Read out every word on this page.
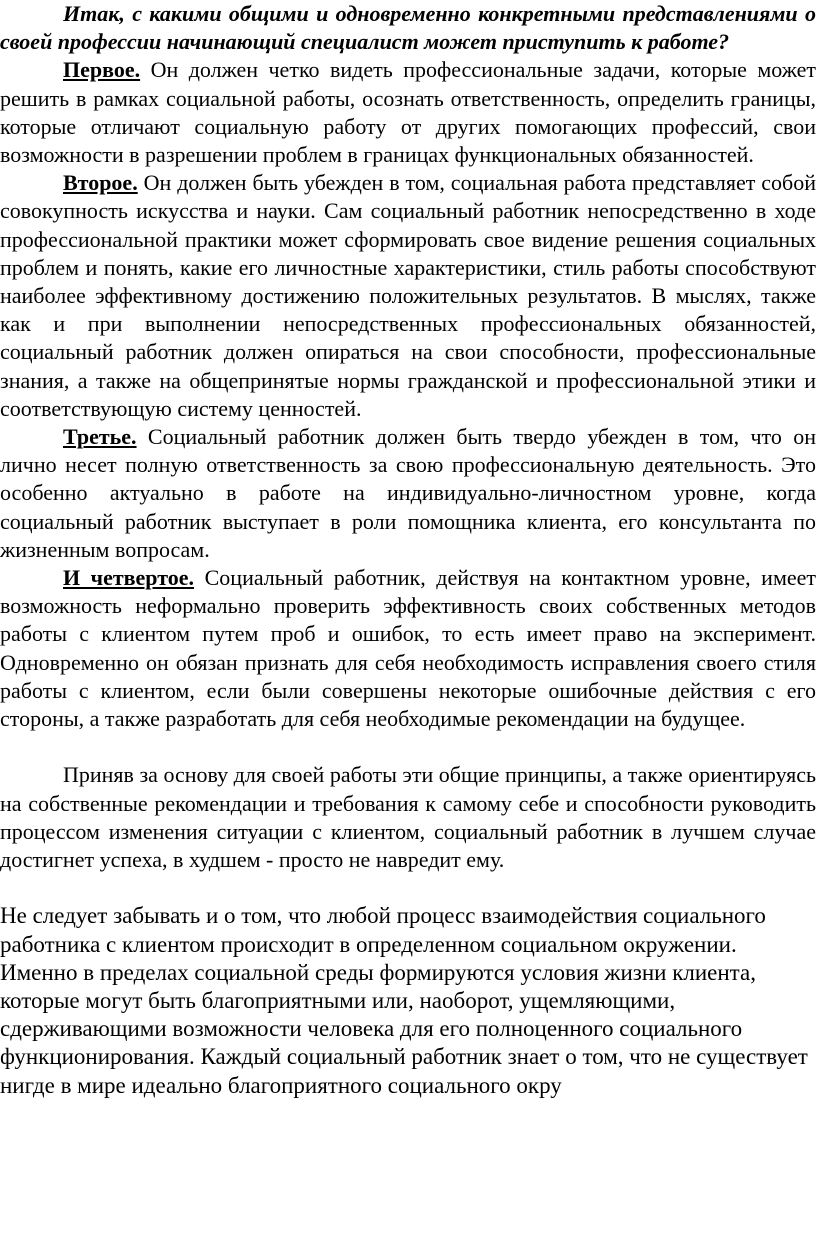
Итак, с какими общими и одновременно конкретными представлениями о своей профессии начинающий специалист может приступить к работе?

Первое. Он должен четко видеть профессиональные задачи, которые может решить в рамках социальной работы, осознать ответственность, определить границы, которые отличают социальную работу от других помогающих профессий, свои возможности в разрешении проблем в границах функциональных обязанностей.

Второе. Он должен быть убежден в том, социальная работа представляет собой совокупность искусства и науки. Сам социальный работник непосредственно в ходе профессиональной практики может сформировать свое видение решения социальных проблем и понять, какие его личностные характеристики, стиль работы способствуют наиболее эффективному достижению положительных результатов. В мыслях, также как и при выполнении непосредственных профессиональных обязанностей, социальный работник должен опираться на свои способности, профессиональные знания, а также на общепринятые нормы гражданской и профессиональной этики и соответствующую систему ценностей.

Третье. Социальный работник должен быть твердо убежден в том, что он лично несет полную ответственность за свою профессиональную деятельность. Это особенно актуально в работе на индивидуально-личностном уровне, когда социальный работник выступает в роли помощника клиента, его консультанта по жизненным вопросам.

И четвертое. Социальный работник, действуя на контактном уровне, имеет возможность неформально проверить эффективность своих собственных методов работы с клиентом путем проб и ошибок, то есть имеет право на эксперимент. Одновременно он обязан признать для себя необходимость исправления своего стиля работы с клиентом, если были совершены некоторые ошибочные действия с его стороны, а также разработать для себя необходимые рекомендации на будущее.

Приняв за основу для своей работы эти общие принципы, а также ориентируясь на собственные рекомендации и требования к самому себе и способности руководить процессом изменения ситуации с клиентом, социальный работник в лучшем случае достигнет успеха, в худшем - просто не навредит ему.

Не следует забывать и о том, что любой процесс взаимодействия социального работника с клиентом происходит в определенном социальном окружении. Именно в пределах социальной среды формируются условия жизни клиента, которые могут быть благоприятными или, наоборот, ущемляющими, сдерживающими возможности человека для его полноценного социального функционирования. Каждый социальный работник знает о том, что не существует нигде в мире идеально благоприятного социального окру
